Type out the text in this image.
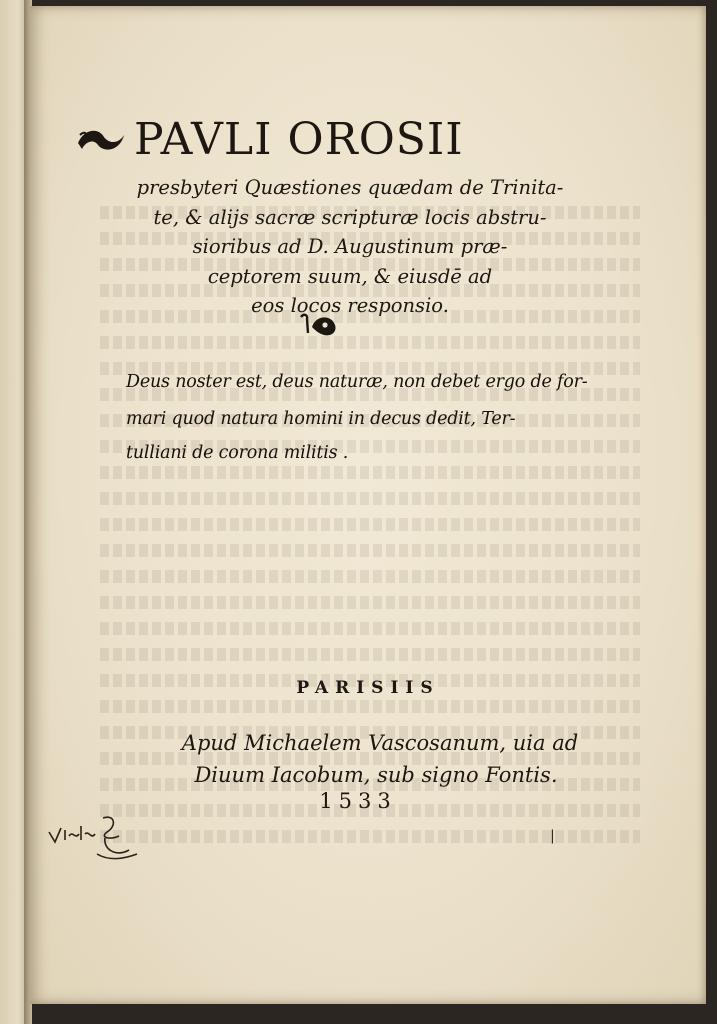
PAVLI OROSII
presbyteri Quæstiones quædam de Trinita-
te, & alijs sacræ scripturæ locis abstru-
sioribus ad D. Augustinum præ-
ceptorem suum, & eiusdē ad
eos locos responsio.
Deus noster est, deus naturæ, non debet ergo de for-
mari quod natura homini in decus dedit, Ter-
tulliani de corona militis .
PARISIIS
Apud Michaelem Vascosanum, uia ad
Diuum Iacobum, sub signo Fontis.
1533
|
